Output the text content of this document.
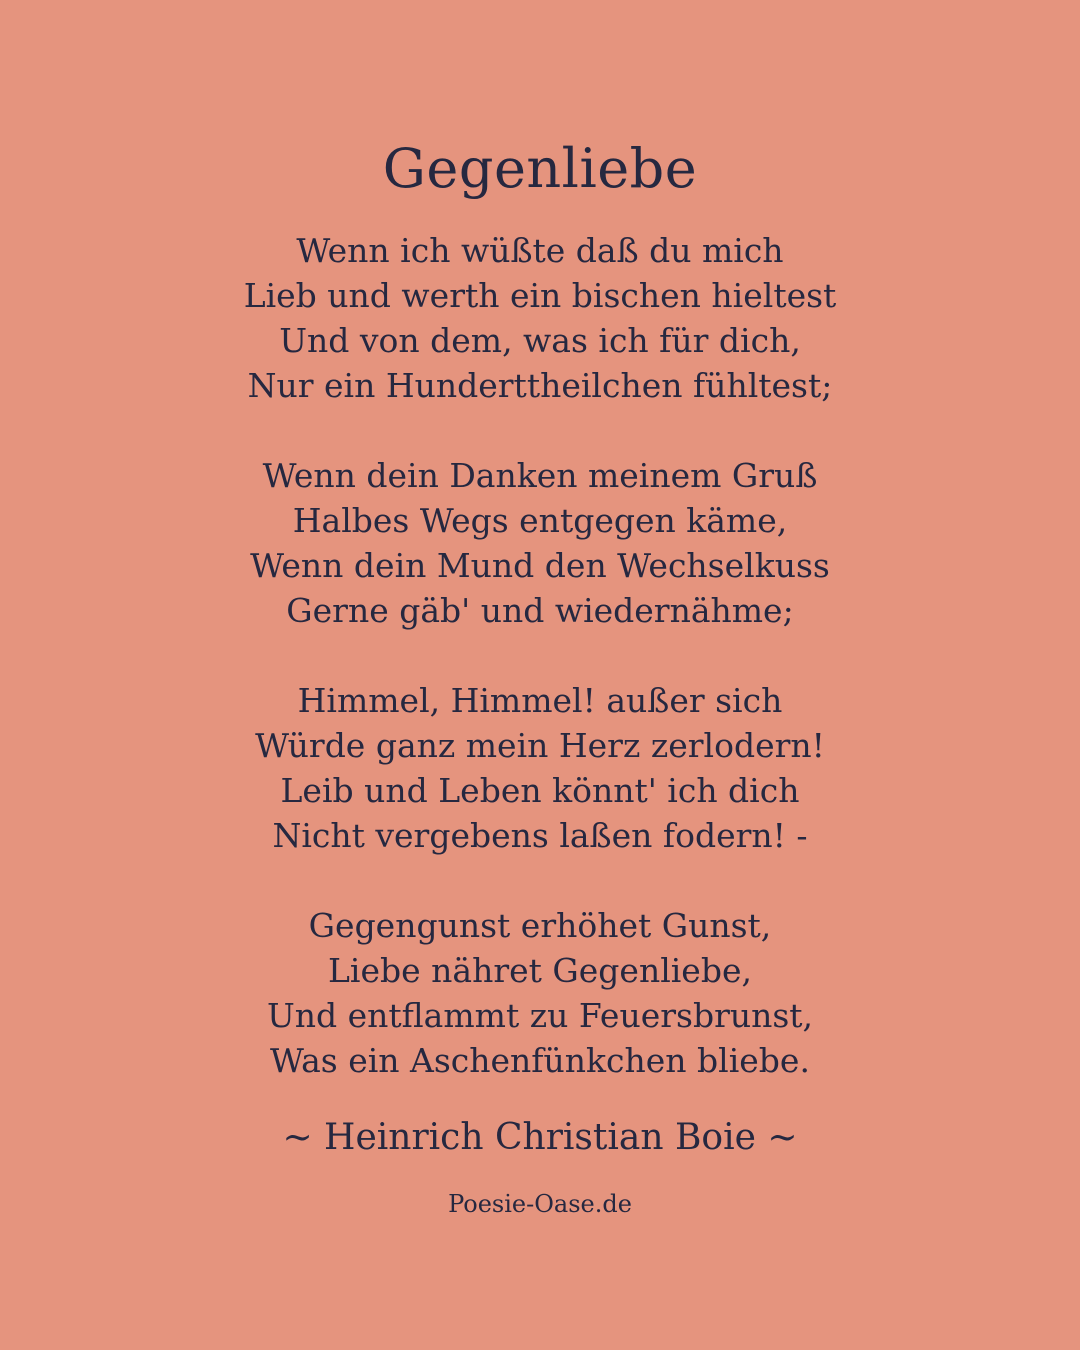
Gegenliebe
Wenn ich wüßte daß du mich
Lieb und werth ein bischen hieltest
Und von dem, was ich für dich,
Nur ein Hunderttheilchen fühltest;
Wenn dein Danken meinem Gruß
Halbes Wegs entgegen käme,
Wenn dein Mund den Wechselkuss
Gerne gäb' und wiedernähme;
Himmel, Himmel! außer sich
Würde ganz mein Herz zerlodern!
Leib und Leben könnt' ich dich
Nicht vergebens laßen fodern! -
Gegengunst erhöhet Gunst,
Liebe nähret Gegenliebe,
Und entflammt zu Feuersbrunst,
Was ein Aschenfünkchen bliebe.
~ Heinrich Christian Boie ~
Poesie-Oase.de
